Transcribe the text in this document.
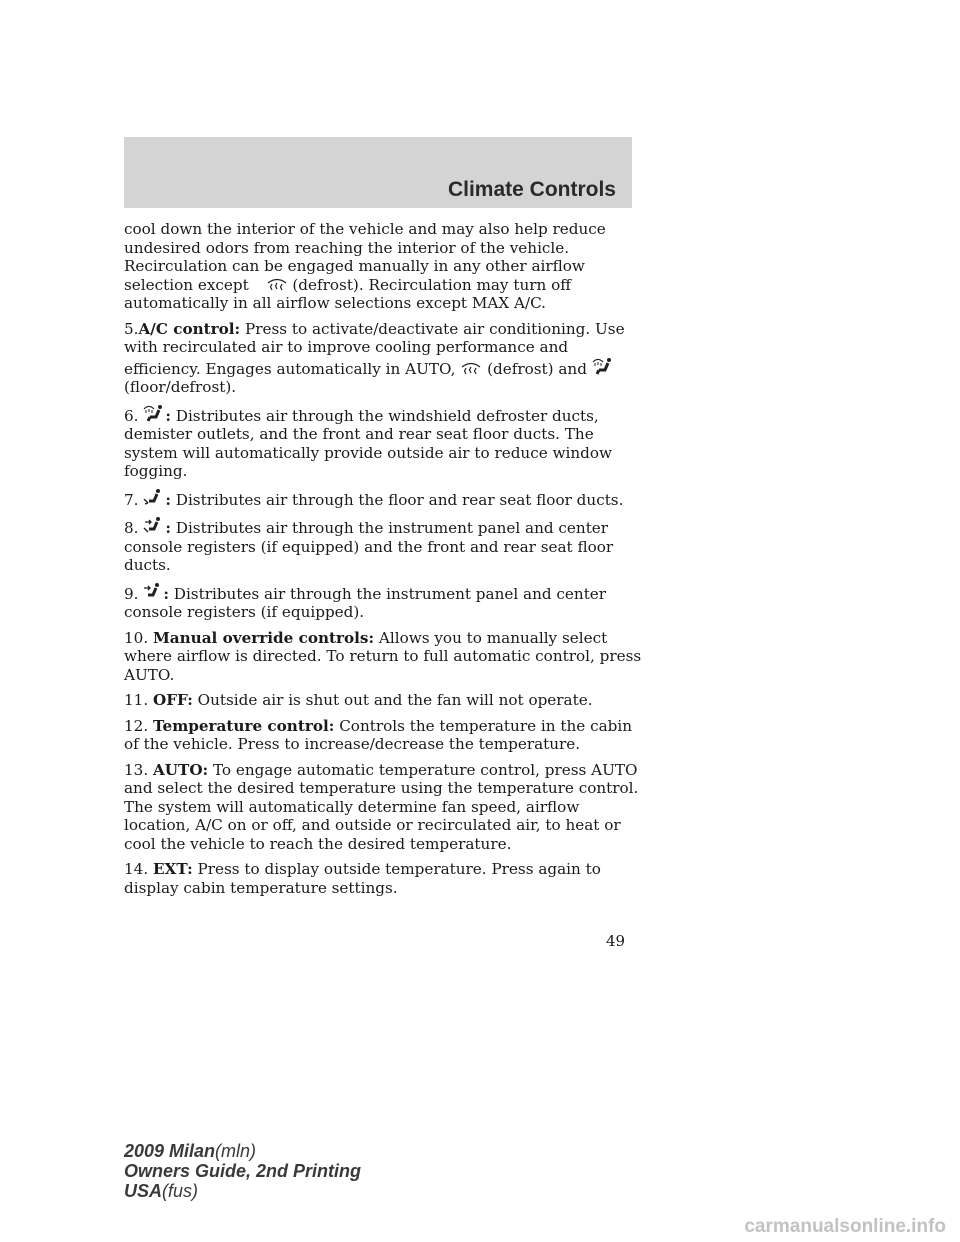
Climate Controls

cool down the interior of the vehicle and may also help reduce undesired odors from reaching the interior of the vehicle. Recirculation can be engaged manually in any other airflow selection except	(defrost). Recirculation may turn off automatically in all airflow selections except MAX A/C.

5.A/C control: Press to activate/deactivate air conditioning. Use with recirculated air to improve cooling performance and efficiency. Engages automatically in AUTO, (defrost) and
(floor/defrost).

6. : Distributes air through the windshield defroster ducts, demister outlets, and the front and rear seat floor ducts. The system will automatically provide outside air to reduce window fogging.

7. : Distributes air through the floor and rear seat floor ducts.

8. : Distributes air through the instrument panel and center console registers (if equipped) and the front and rear seat floor ducts.

9. : Distributes air through the instrument panel and center console registers (if equipped).

10. Manual override controls: Allows you to manually select where airflow is directed. To return to full automatic control, press AUTO.

11. OFF: Outside air is shut out and the fan will not operate.

12. Temperature control: Controls the temperature in the cabin of the vehicle. Press to increase/decrease the temperature.

13. AUTO: To engage automatic temperature control, press AUTO and select the desired temperature using the temperature control. The system will automatically determine fan speed, airflow location, A/C on or off, and outside or recirculated air, to heat or cool the vehicle to reach the desired temperature.

14. EXT: Press to display outside temperature. Press again to display cabin temperature settings.

49
2009 Milan(mln)
Owners Guide, 2nd Printing
USA(fus)
carmanualsonline.info
